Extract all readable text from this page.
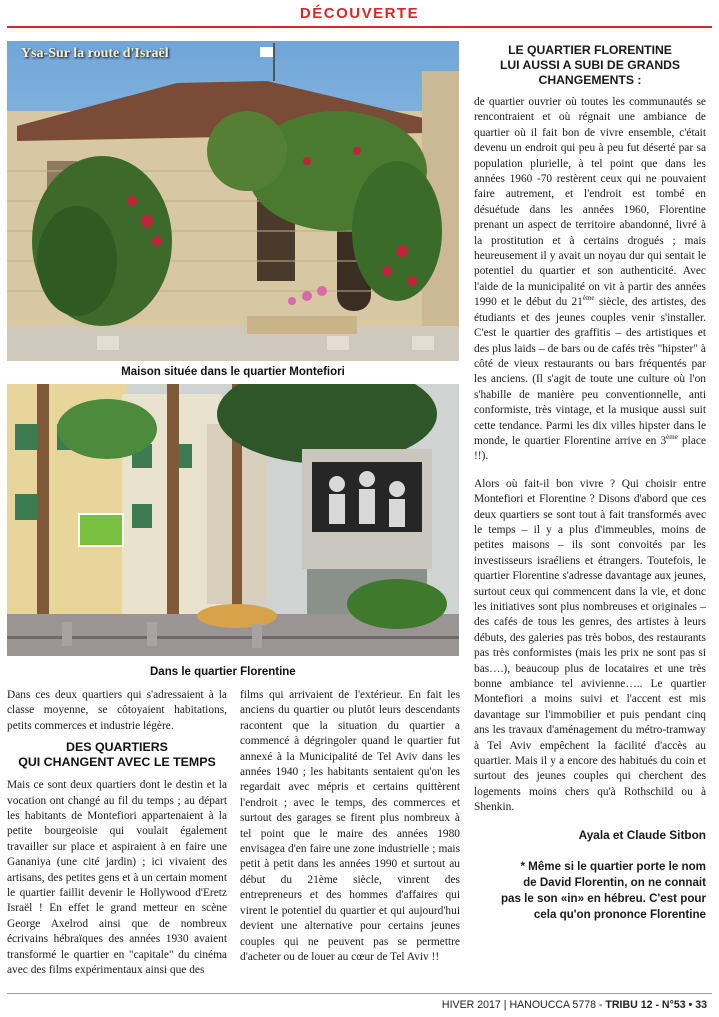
DÉCOUVERTE
Ysa-Sur la route d'Israël
Maison située dans le quartier Montefiori
Dans le quartier Florentine

Dans ces deux quartiers qui s'adressaient à la classe moyenne, se côtoyaient habitations, petits commerces et industrie légère.

DES QUARTIERS
QUI CHANGENT AVEC LE TEMPS

Mais ce sont deux quartiers dont le destin et la vocation ont changé au fil du temps ; au départ les habitants de Montefiori appartenaient à la petite bourgeoisie qui voulait également travailler sur place et aspiraient à en faire une Gananiya (une cité jardin) ; ici vivaient des artisans, des petites gens et à un certain moment le quartier faillit devenir le Hollywood d'Eretz Israël ! En effet le grand metteur en scène George Axelrod ainsi que de nombreux écrivains hébraïques des années 1930 avaient transformé le quartier en "capitale" du cinéma avec des films expérimentaux ainsi que des

films qui arrivaient de l'extérieur. En fait les anciens du quartier ou plutôt leurs descendants racontent que la situation du quartier a commencé à dégringoler quand le quartier fut annexé à la Municipalité de Tel Aviv dans les années 1940 ; les habitants sentaient qu'on les regardait avec mépris et certains quittèrent l'endroit ; avec le temps, des commerces et surtout des garages se firent plus nombreux à tel point que le maire des années 1980 envisagea d'en faire une zone industrielle ; mais petit à petit dans les années 1990 et surtout au début du 21ème siècle, vinrent des entrepreneurs et des hommes d'affaires qui virent le potentiel du quartier et qui aujourd'hui devient une alternative pour certains jeunes couples qui ne peuvent pas se permettre d'acheter ou de louer au cœur de Tel Aviv !!

LE QUARTIER FLORENTINE
LUI AUSSI A SUBI DE GRANDS
CHANGEMENTS :

de quartier ouvrier où toutes les communautés se rencontraient et où régnait une ambiance de quartier où il fait bon de vivre ensemble, c'était devenu un endroit qui peu à peu fut déserté par sa population plurielle, à tel point que dans les années 1960 -70 restèrent ceux qui ne pouvaient faire autrement, et l'endroit est tombé en désuétude dans les années 1960, Florentine prenant un aspect de territoire abandonné, livré à la prostitution et à certains drogués ; mais heureusement il y avait un noyau dur qui sentait le potentiel du quartier et son authenticité. Avec l'aide de la municipalité on vit à partir des années 1990 et le début du 21ème siècle, des artistes, des étudiants et des jeunes couples venir s'installer. C'est le quartier des graffitis – des artistiques et des plus laids – de bars ou de cafés très "hipster" à côté de vieux restaurants ou bars fréquentés par les anciens. (Il s'agit de toute une culture où l'on s'habille de manière peu conventionnelle, anti conformiste, très vintage, et la musique aussi suit cette tendance. Parmi les dix villes hipster dans le monde, le quartier Florentine arrive en 3ème place !!).

Alors où fait-il bon vivre ? Qui choisir entre Montefiori et Florentine ? Disons d'abord que ces deux quartiers se sont tout à fait transformés avec le temps – il y a plus d'immeubles, moins de petites maisons – ils sont convoités par les investisseurs israéliens et étrangers. Toutefois, le quartier Florentine s'adresse davantage aux jeunes, surtout ceux qui commencent dans la vie, et donc les initiatives sont plus nombreuses et originales – des cafés de tous les genres, des artistes à leurs débuts, des galeries pas très bobos, des restaurants pas très conformistes (mais les prix ne sont pas si bas….), beaucoup plus de locataires et une très bonne ambiance tel avivienne….. Le quartier Montefiori a moins suivi et l'accent est mis davantage sur l'immobilier et puis pendant cinq ans les travaux d'aménagement du métro-tramway à Tel Aviv empêchent la facilité d'accès au quartier. Mais il y a encore des habitués du coin et surtout des jeunes couples qui cherchent des logements moins chers qu'à Rothschild ou à Shenkin.

Ayala et Claude Sitbon
* Même si le quartier porte le nom
de David Florentin, on ne connait
pas le son «in» en hébreu. C'est pour
cela qu'on prononce Florentine
HIVER 2017 | HANOUCCA 5778 - TRIBU 12 - N°53 • 33
